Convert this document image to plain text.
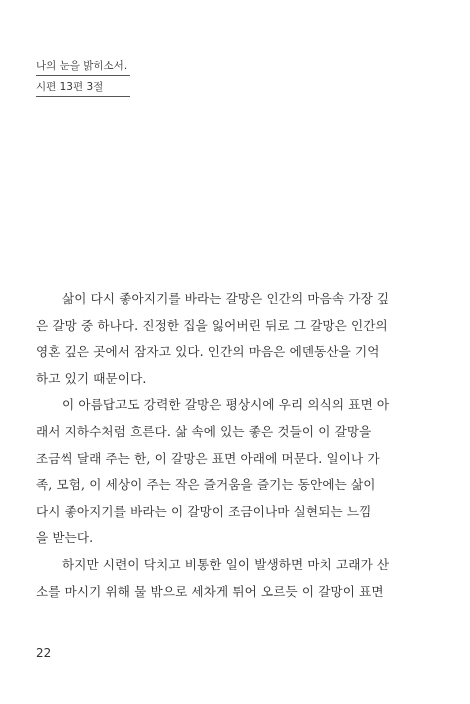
나의 눈을 밝히소서.
시편 13편 3절
삶이 다시 좋아지기를 바라는 갈망은 인간의 마음속 가장 깊
은 갈망 중 하나다. 진정한 집을 잃어버린 뒤로 그 갈망은 인간의
영혼 깊은 곳에서 잠자고 있다. 인간의 마음은 에덴동산을 기억
하고 있기 때문이다.
이 아름답고도 강력한 갈망은 평상시에 우리 의식의 표면 아
래서 지하수처럼 흐른다. 삶 속에 있는 좋은 것들이 이 갈망을
조금씩 달래 주는 한, 이 갈망은 표면 아래에 머문다. 일이나 가
족, 모험, 이 세상이 주는 작은 즐거움을 즐기는 동안에는 삶이
다시 좋아지기를 바라는 이 갈망이 조금이나마 실현되는 느낌
을 받는다.
하지만 시련이 닥치고 비통한 일이 발생하면 마치 고래가 산
소를 마시기 위해 물 밖으로 세차게 튀어 오르듯 이 갈망이 표면
22
